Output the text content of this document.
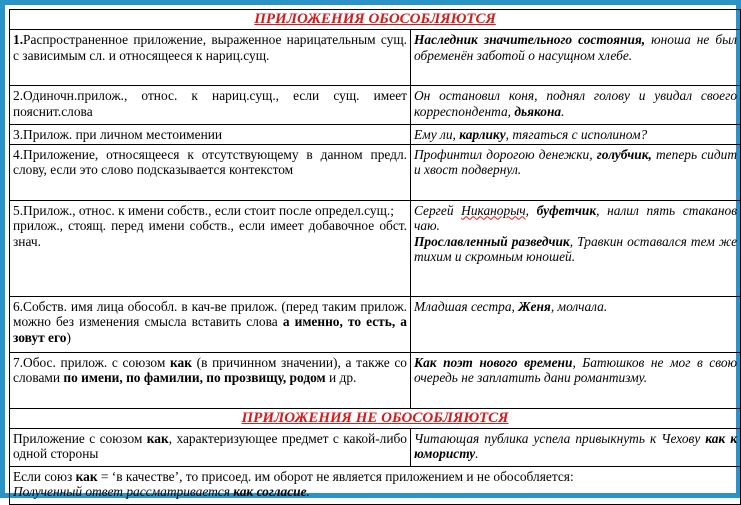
ПРИЛОЖЕНИЯ ОБОСОБЛЯЮТСЯ	
1.Распространенное приложение, выраженное нарицательным сущ. с зависимым сл. и относящееся к нариц.сущ.	Наследник значительного состояния, юноша не был обременён заботой о насущном хлебе.
2.Одиночн.прилож., относ. к нариц.сущ., если сущ. имеет пояснит.слова	Он остановил коня, поднял голову и увидал своего корреспондента, дьякона.
3.Прилож. при личном местоимении	Ему ли, карлику, тягаться с исполином?
4.Приложение, относящееся к отсутствующему в данном предл. слову, если это слово подсказывается контекстом	Профинтил дорогою денежки, голубчик, теперь сидит и хвост подвернул.
5.Прилож., относ. к имени собств., если стоит после определ.сущ.;
прилож., стоящ. перед имени собств., если имеет добавочное обст. знач.	Сергей Никанорыч, буфетчик, налил пять стаканов чаю.
Прославленный разведчик, Травкин оставался тем же тихим и скромным юношей.
6.Собств. имя лица обособл. в кач-ве прилож. (перед таким прилож. можно без изменения смысла вставить слова а именно, то есть, а зовут его)	Младшая сестра, Женя, молчала.
7.Обос. прилож. с союзом как (в причинном значении), а также со словами по имени, по фамилии, по прозвищу, родом и др.	Как поэт нового времени, Батюшков не мог в свою очередь не заплатить дани романтизму.
ПРИЛОЖЕНИЯ НЕ ОБОСОБЛЯЮТСЯ	
Приложение с союзом как, характеризующее предмет с какой-либо одной стороны	Читающая публика успела привыкнуть к Чехову как к юмористу.

Если союз как = ‘в качестве’, то присоед. им оборот не является приложением и не обособляется:
Полученный ответ рассматривается как согласие.	
